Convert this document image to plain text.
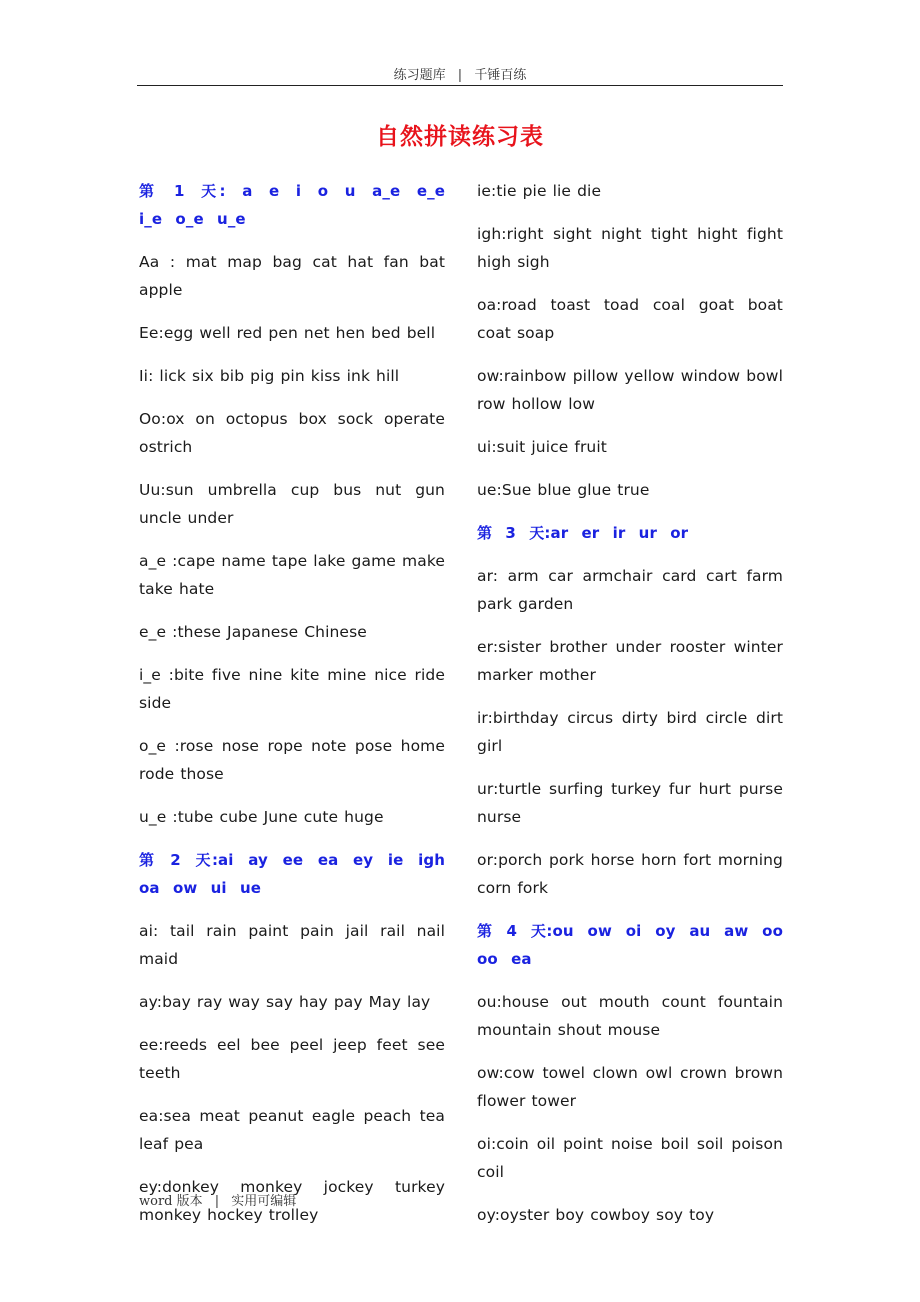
练习题库 | 千锤百练
自然拼读练习表
第 1 天: a e i o u a_e e_e i_e o_e u_e
Aa : mat map bag cat hat fan bat apple
Ee:egg well red pen net hen bed bell
Ii: lick six bib pig pin kiss ink hill
Oo:ox on octopus box sock operate ostrich
Uu:sun umbrella cup bus nut gun uncle under
a_e :cape name tape lake game make take hate
e_e :these Japanese Chinese
i_e :bite five nine kite mine nice ride side
o_e :rose nose rope note pose home rode those
u_e :tube cube June cute huge
第 2 天:ai ay ee ea ey ie igh oa ow ui ue
ai: tail rain paint pain jail rail nail maid
ay:bay ray way say hay pay May lay
ee:reeds eel bee peel jeep feet see teeth
ea:sea meat peanut eagle peach tea leaf pea
ey:donkey monkey jockey turkey monkey hockey trolley
ie:tie pie lie die
igh:right sight night tight hight fight high sigh
oa:road toast toad coal goat boat coat soap
ow:rainbow pillow yellow window bowl row hollow low
ui:suit juice fruit
ue:Sue blue glue true
第 3 天:ar er ir ur or
ar: arm car armchair card cart farm park garden
er:sister brother under rooster winter marker mother
ir:birthday circus dirty bird circle dirt girl
ur:turtle surfing turkey fur hurt purse nurse
or:porch pork horse horn fort morning corn fork
第 4 天:ou ow oi oy au aw oo oo ea
ou:house out mouth count fountain mountain shout mouse
ow:cow towel clown owl crown brown flower tower
oi:coin oil point noise boil soil poison coil
oy:oyster boy cowboy soy toy
word 版本 | 实用可编辑
